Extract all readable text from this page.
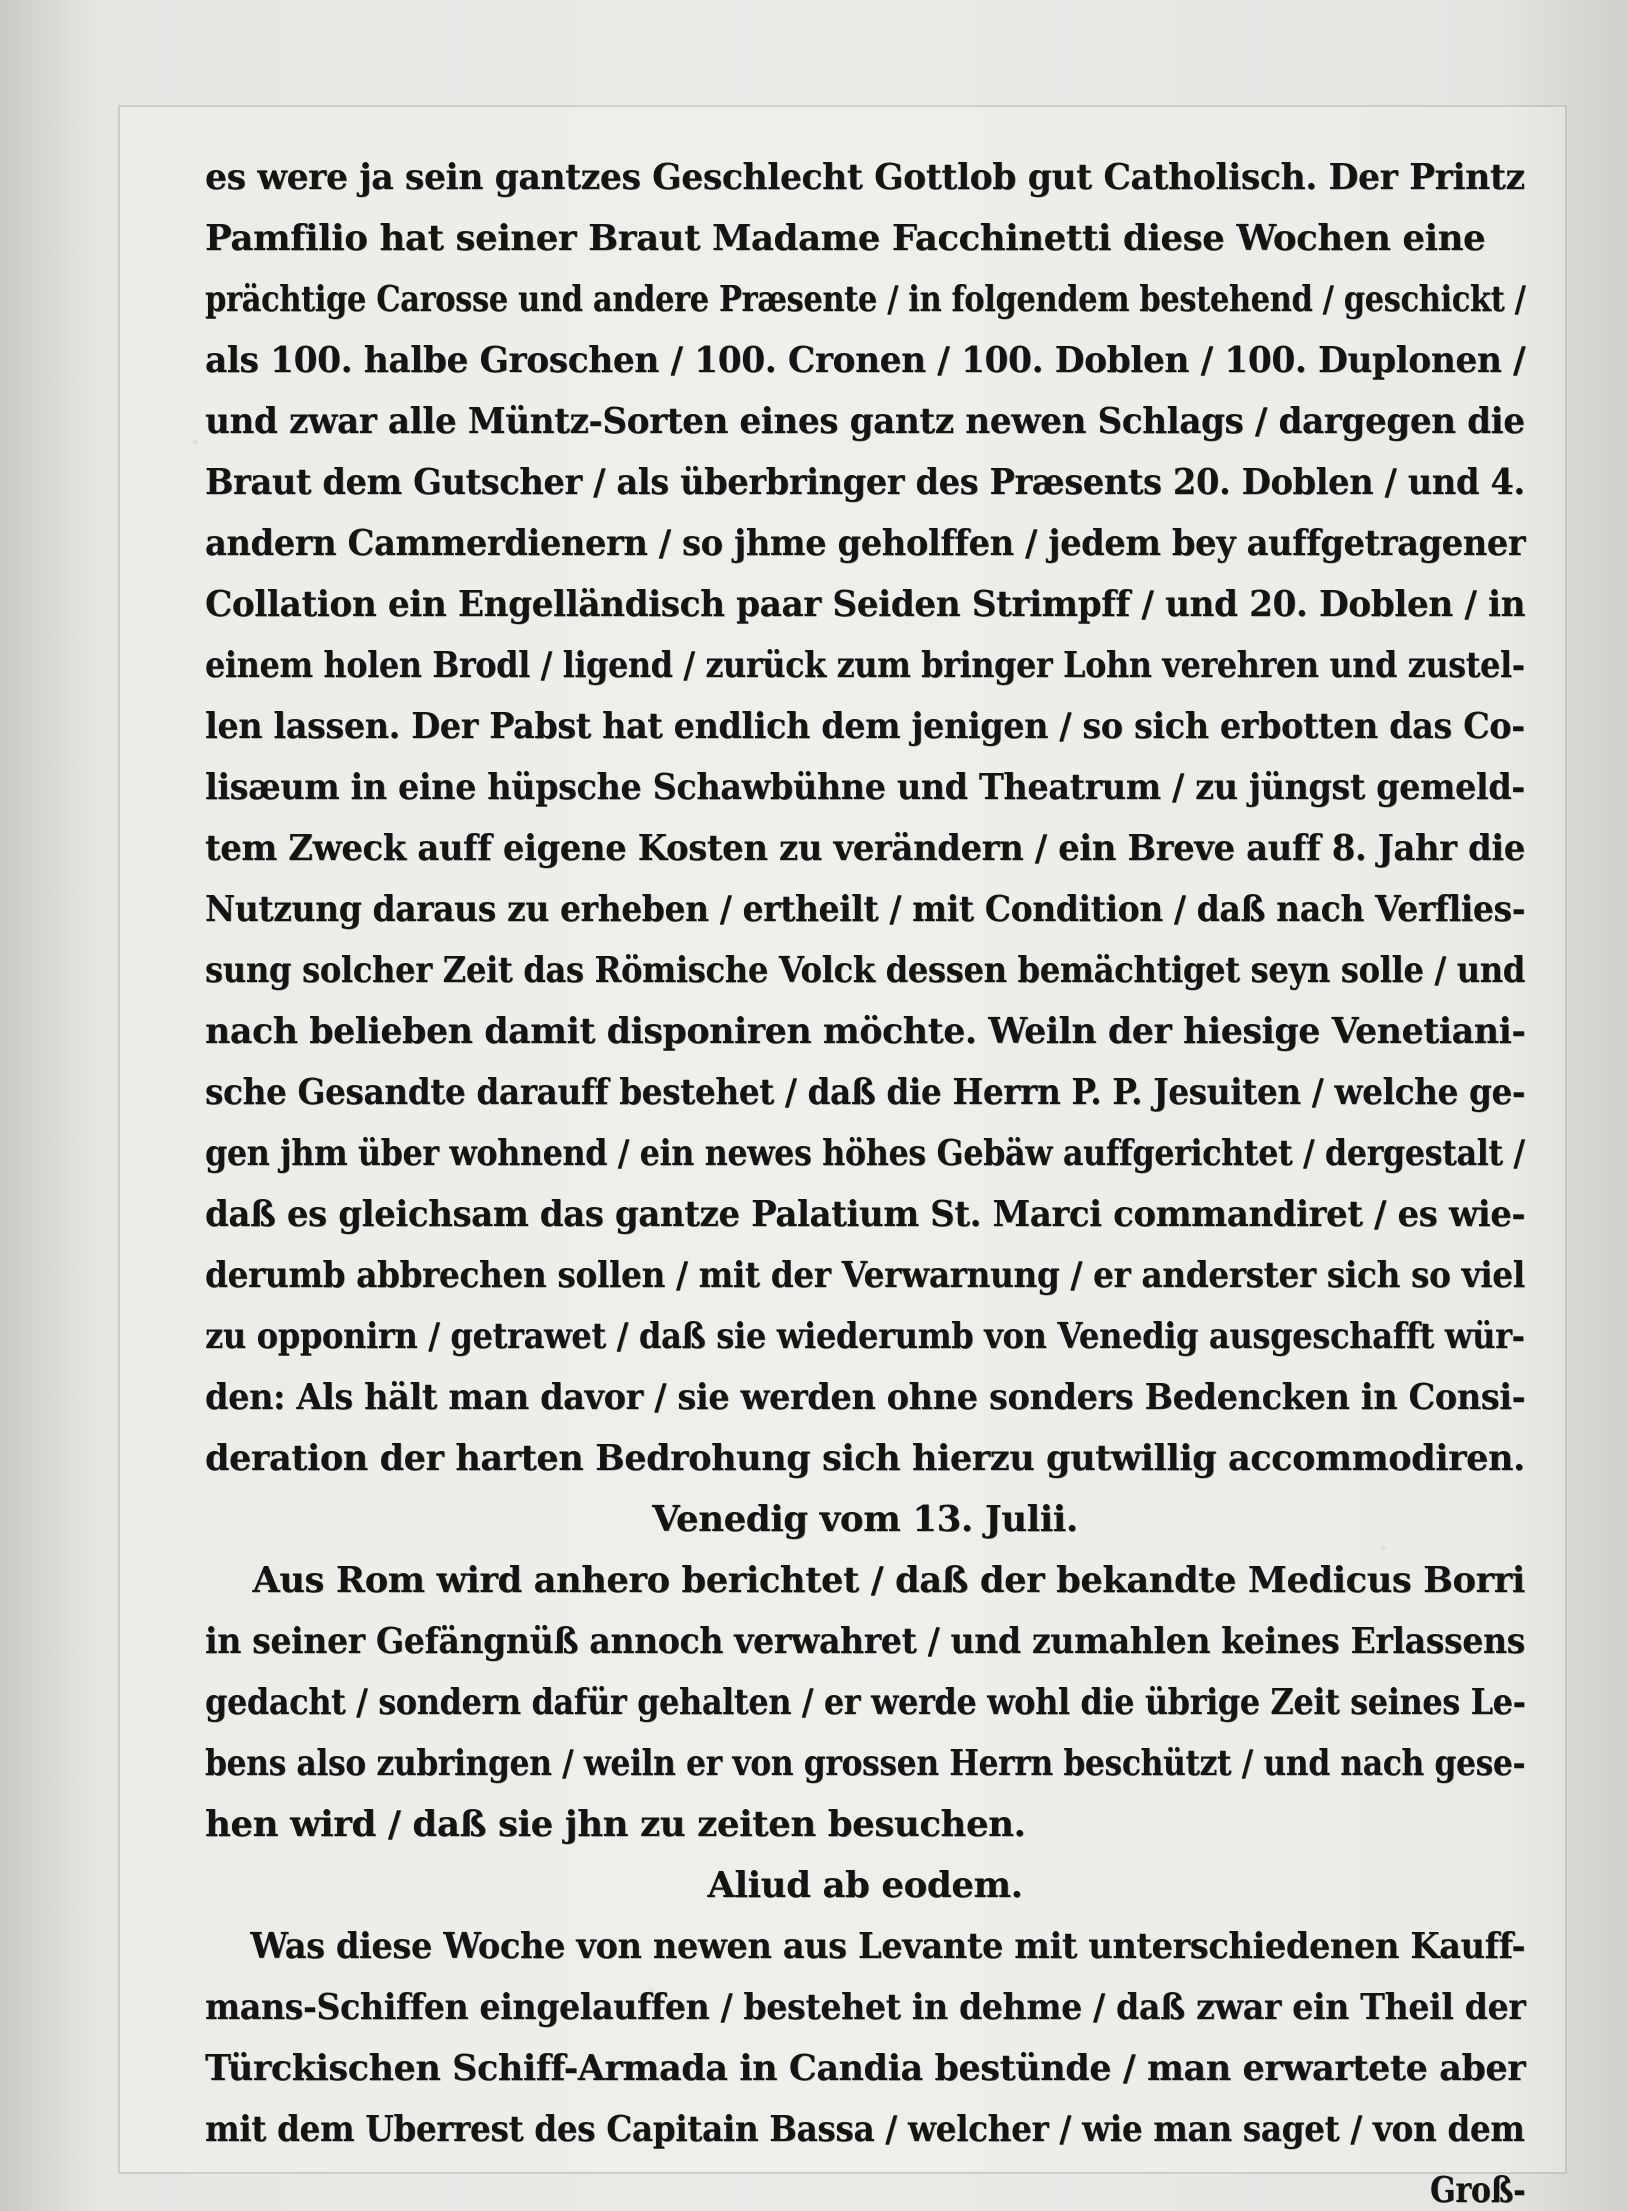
es were ja sein gantzes Geschlecht Gottlob gut Catholisch. Der Printz
Pamfilio hat seiner Braut Madame Facchinetti diese Wochen eine
prächtige Carosse und andere Præsente / in folgendem bestehend / geschickt /
als 100. halbe Groschen / 100. Cronen / 100. Doblen / 100. Duplonen /
und zwar alle Müntz-Sorten eines gantz newen Schlags / dargegen die
Braut dem Gutscher / als überbringer des Præsents 20. Doblen / und 4.
andern Cammerdienern / so jhme geholffen / jedem bey auffgetragener
Collation ein Engelländisch paar Seiden Strimpff / und 20. Doblen / in
einem holen Brodl / ligend / zurück zum bringer Lohn verehren und zustel-
len lassen. Der Pabst hat endlich dem jenigen / so sich erbotten das Co-
lisæum in eine hüpsche Schawbühne und Theatrum / zu jüngst gemeld-
tem Zweck auff eigene Kosten zu verändern / ein Breve auff 8. Jahr die
Nutzung daraus zu erheben / ertheilt / mit Condition / daß nach Verflies-
sung solcher Zeit das Römische Volck dessen bemächtiget seyn solle / und
nach belieben damit disponiren möchte. Weiln der hiesige Venetiani-
sche Gesandte darauff bestehet / daß die Herrn P. P. Jesuiten / welche ge-
gen jhm über wohnend / ein newes höhes Gebäw auffgerichtet / dergestalt /
daß es gleichsam das gantze Palatium St. Marci commandiret / es wie-
derumb abbrechen sollen / mit der Verwarnung / er anderster sich so viel
zu opponirn / getrawet / daß sie wiederumb von Venedig ausgeschafft wür-
den: Als hält man davor / sie werden ohne sonders Bedencken in Consi-
deration der harten Bedrohung sich hierzu gutwillig accommodiren.
Venedig vom 13. Julii.
Aus Rom wird anhero berichtet / daß der bekandte Medicus Borri
in seiner Gefängnüß annoch verwahret / und zumahlen keines Erlassens
gedacht / sondern dafür gehalten / er werde wohl die übrige Zeit seines Le-
bens also zubringen / weiln er von grossen Herrn beschützt / und nach gese-
hen wird / daß sie jhn zu zeiten besuchen.
Aliud ab eodem.
Was diese Woche von newen aus Levante mit unterschiedenen Kauff-
mans-Schiffen eingelauffen / bestehet in dehme / daß zwar ein Theil der
Türckischen Schiff-Armada in Candia bestünde / man erwartete aber
mit dem Uberrest des Capitain Bassa / welcher / wie man saget / von dem
Groß-
